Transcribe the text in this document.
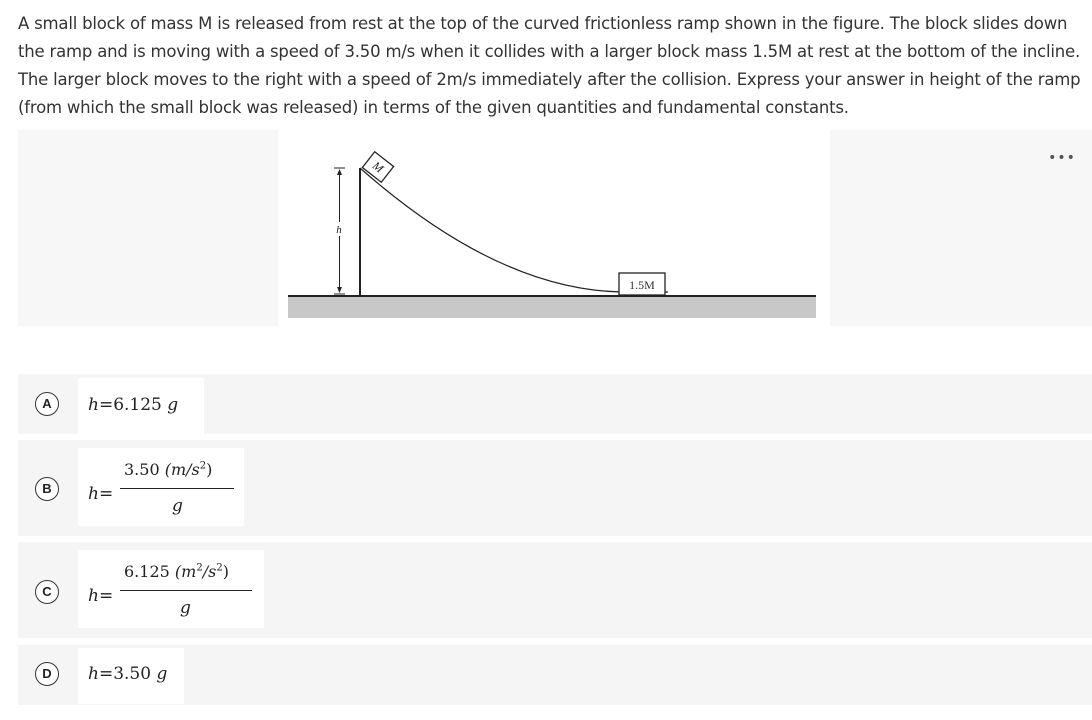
A small block of mass M is released from rest at the top of the curved frictionless ramp shown in the figure. The block slides down the ramp and is moving with a speed of 3.50 m/s when it collides with a larger block mass 1.5M at rest at the bottom of the incline. The larger block moves to the right with a speed of 2m/s immediately after the collision. Express your answer in height of the ramp (from which the small block was released) in terms of the given quantities and fundamental constants.
M
1.5M
h
•••
A	h=6.125 g
B	h=
3.50 $(m/s^2)$
g
C	h=
6.125 $(m^2/s^2)$
g
D	h=3.50 g
